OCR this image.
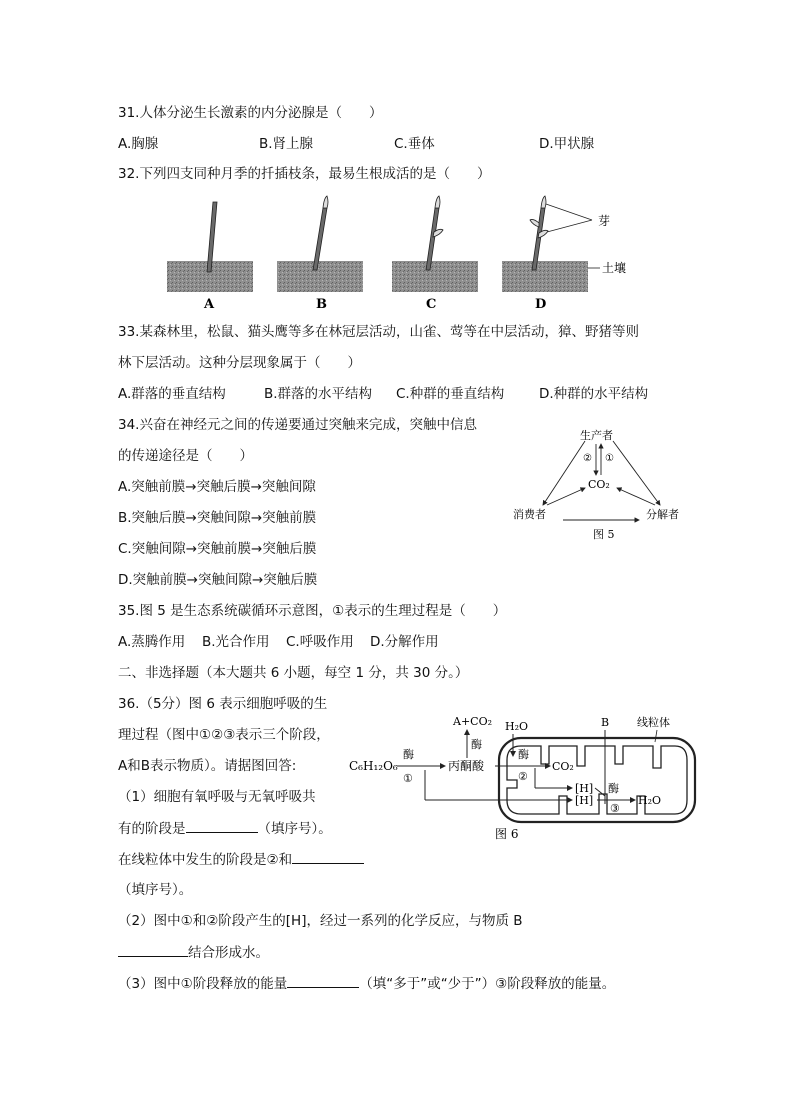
31.人体分泌生长激素的内分泌腺是（　　）
A.胸腺	B.肾上腺	C.垂体	D.甲状腺
32.下列四支同种月季的扦插枝条，最易生根成活的是（　　）
芽
土壤
A	B	C	D
33.某森林里，松鼠、猫头鹰等多在林冠层活动，山雀、莺等在中层活动，獐、野猪等则
林下层活动。这种分层现象属于（　　）
A.群落的垂直结构	B.群落的水平结构 C.种群的垂直结构	D.种群的水平结构
34.兴奋在神经元之间的传递要通过突触来完成，突触中信息
的传递途径是（　　）
A.突触前膜→突触后膜→突触间隙
B.突触后膜→突触间隙→突触前膜
C.突触间隙→突触前膜→突触后膜
D.突触前膜→突触间隙→突触后膜
生产者
CO₂
消费者	分解者
② ①
图 5
35.图 5 是生态系统碳循环示意图，①表示的生理过程是（　　）
A.蒸腾作用 B.光合作用 C.呼吸作用 D.分解作用
二、非选择题（本大题共 6 小题，每空 1 分，共 30 分。）
36.（5分）图 6 表示细胞呼吸的生
理过程（图中①②③表示三个阶段，
A和B表示物质）。请据图回答:
（1）细胞有氧呼吸与无氧呼吸共
有的阶段是	（填序号）。
在线粒体中发生的阶段是②和
（填序号）。
（2）图中①和②阶段产生的[H]，经过一系列的化学反应，与物质 B
结合形成水。
（3）图中①阶段释放的能量	（填“多于”或“少于”）③阶段释放的能量。
C₆H₁₂O₆
酶
①
丙酮酸
A+CO₂
酶
H₂O
酶
②
CO₂
B	线粒体
[H]
[H]
酶
③
H₂O
图 6
